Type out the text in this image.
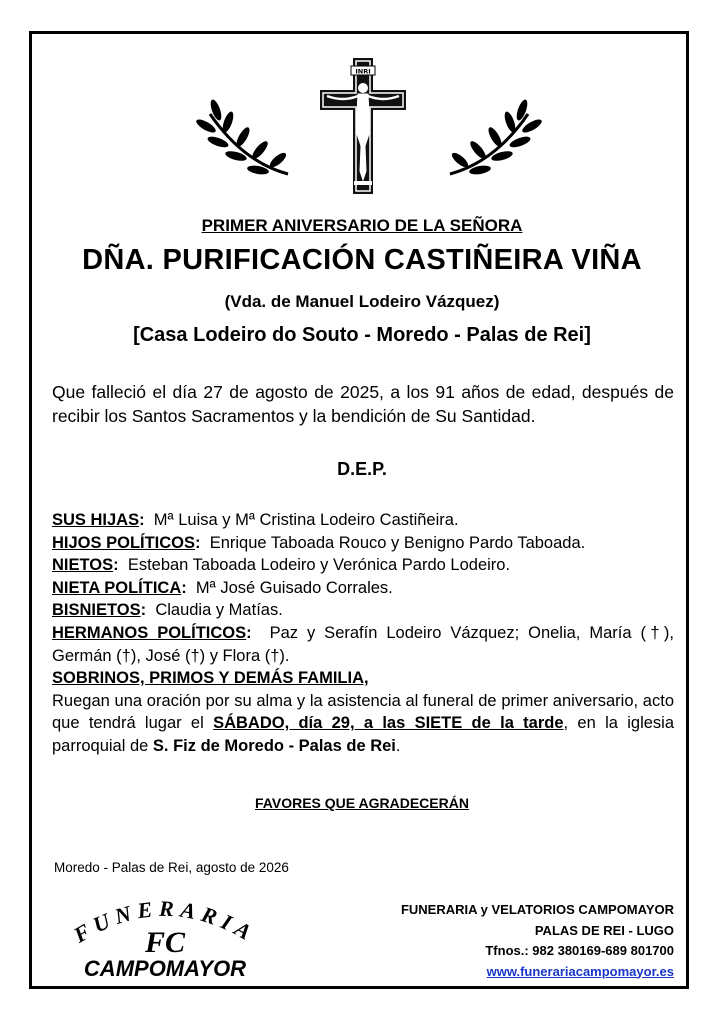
INRI
PRIMER ANIVERSARIO DE LA SEÑORA
DÑA. PURIFICACIÓN CASTIÑEIRA VIÑA
(Vda. de Manuel Lodeiro Vázquez)
[Casa Lodeiro do Souto - Moredo - Palas de Rei]
Que falleció el día 27 de agosto de 2025, a los 91 años de edad, después de recibir los Santos Sacramentos y la bendición de Su Santidad.
D.E.P.
SUS HIJAS: Mª Luisa y Mª Cristina Lodeiro Castiñeira.
HIJOS POLÍTICOS: Enrique Taboada Rouco y Benigno Pardo Taboada.
NIETOS: Esteban Taboada Lodeiro y Verónica Pardo Lodeiro.
NIETA POLÍTICA: Mª José Guisado Corrales.
BISNIETOS: Claudia y Matías.
HERMANOS POLÍTICOS: Paz y Serafín Lodeiro Vázquez; Onelia, María (†), Germán (†), José (†) y Flora (†).
SOBRINOS, PRIMOS Y DEMÁS FAMILIA,
Ruegan una oración por su alma y la asistencia al funeral de primer aniversario, acto que tendrá lugar el SÁBADO, día 29, a las SIETE de la tarde, en la iglesia parroquial de S. Fiz de Moredo - Palas de Rei.
FAVORES QUE AGRADECERÁN
Moredo - Palas de Rei, agosto de 2026
FUNERARIA
FC
CAMPOMAYOR
FUNERARIA y VELATORIOS CAMPOMAYOR
PALAS DE REI - LUGO
Tfnos.: 982 380169-689 801700
www.funerariacampomayor.es
